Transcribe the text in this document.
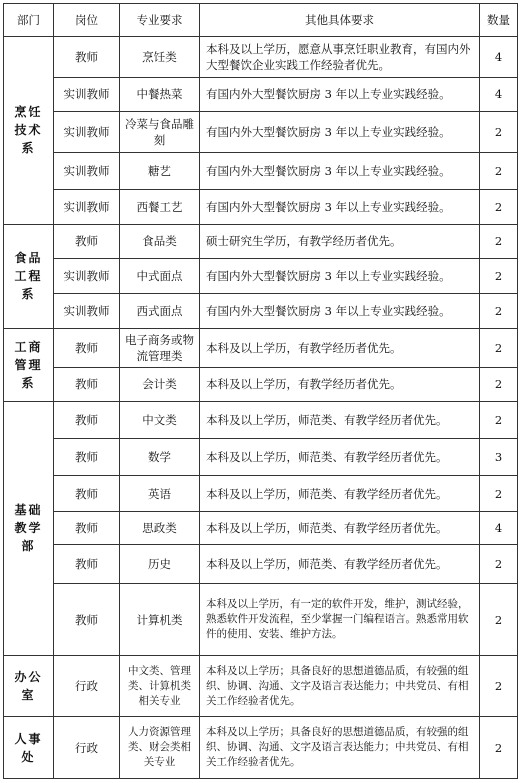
部门	岗位	专业要求	其他具体要求	数量
烹饪技术系	教师	烹饪类	本科及以上学历，愿意从事烹饪职业教育，有国内外大型餐饮企业实践工作经验者优先。	4
	实训教师	中餐热菜	有国内外大型餐饮厨房 3 年以上专业实践经验。	4
	实训教师	冷菜与食品雕刻	有国内外大型餐饮厨房 3 年以上专业实践经验。	2
	实训教师	糖艺	有国内外大型餐饮厨房 3 年以上专业实践经验。	2
	实训教师	西餐工艺	有国内外大型餐饮厨房 3 年以上专业实践经验。	2
食品工程系	教师	食品类	硕士研究生学历，有教学经历者优先。	2
	实训教师	中式面点	有国内外大型餐饮厨房 3 年以上专业实践经验。	2
	实训教师	西式面点	有国内外大型餐饮厨房 3 年以上专业实践经验。	2
工商管理系	教师	电子商务或物流管理类	本科及以上学历，有教学经历者优先。	2
	教师	会计类	本科及以上学历，有教学经历者优先。	2
基础教学部	教师	中文类	本科及以上学历，师范类、有教学经历者优先。	2
	教师	数学	本科及以上学历，师范类、有教学经历者优先。	3
	教师	英语	本科及以上学历，师范类、有教学经历者优先。	2
	教师	思政类	本科及以上学历，师范类、有教学经历者优先。	4
	教师	历史	本科及以上学历，师范类、有教学经历者优先。	2
	教师	计算机类	本科及以上学历，有一定的软件开发，维护，测试经验，熟悉软件开发流程，至少掌握一门编程语言。熟悉常用软件的使用、安装、维护方法。	2
办公室	行政	中文类、管理类、计算机类相关专业	本科及以上学历；具备良好的思想道德品质，有较强的组织、协调、沟通、文字及语言表达能力；中共党员、有相关工作经验者优先。	2
人事处	行政	人力资源管理类、财会类相关专业	本科及以上学历；具备良好的思想道德品质，有较强的组织、协调、沟通、文字及语言表达能力；中共党员、有相关工作经验者优先。	2
